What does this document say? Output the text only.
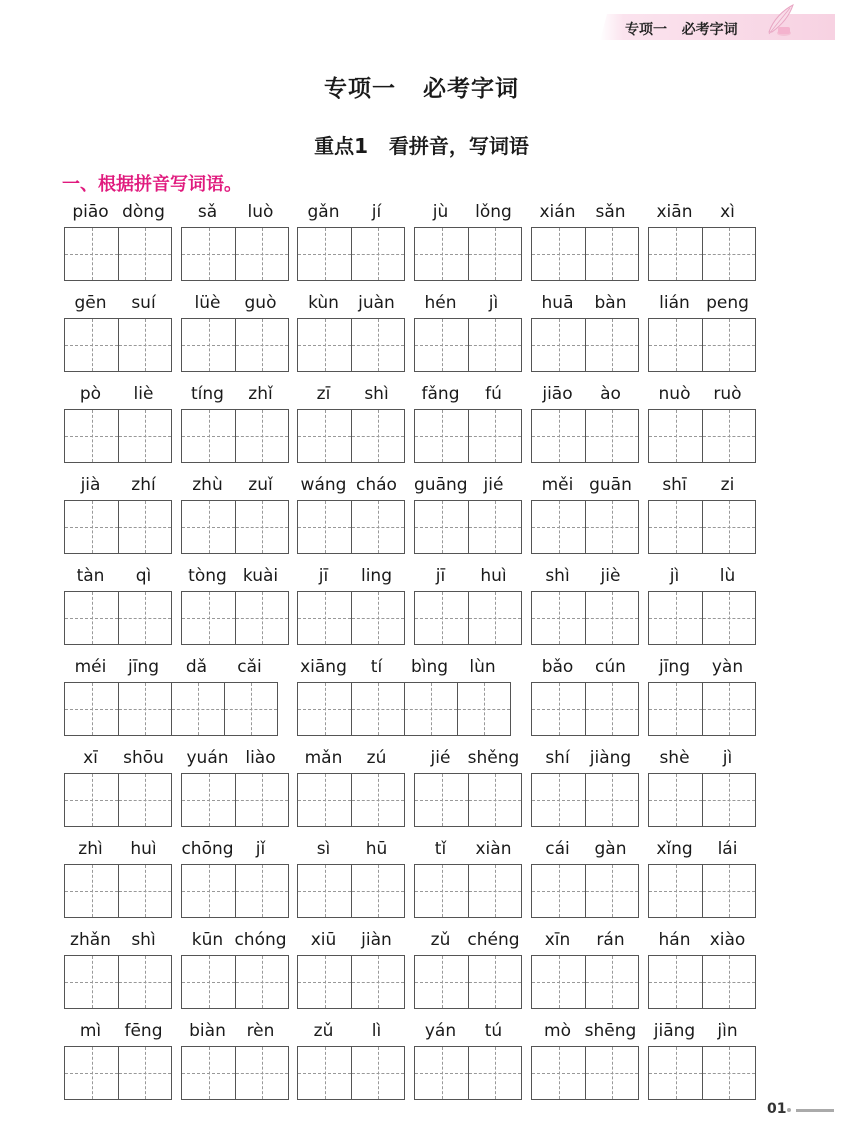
专项一   必考字词
专项一   必考字词
重点1   看拼音，写词语
一、根据拼音写词语。
piāo dòng	sǎ	luò	gǎn	jí	jù	lǒng	xián	sǎn	xiān	xì
gēn	suí	lüè	guò	kùn	juàn	hén	jì	huā	bàn	lián peng
pò	liè	tíng	zhǐ	zī	shì	fǎng	fú	jiāo	ào	nuò	ruò
jià	zhí	zhù	zuǐ	wáng cháo	guāng jié	měi guān	shī	zi
tàn	qì	tòng kuài	jī	ling	jī	huì	shì	jiè	jì	lù
méi	jīng	dǎ	cǎi	xiāng	tí	bìng	lùn	bǎo	cún	jīng	yàn
xī	shōu	yuán liào	mǎn	zú	jié	shěng	shí	jiàng	shè	jì
zhì	huì	chōng	jǐ	sì	hū	tǐ	xiàn	cái	gàn	xǐng	lái
zhǎn	shì	kūn chóng	xiū	jiàn	zǔ	chéng	xīn	rán	hán	xiào
mì	fēng	biàn	rèn	zǔ	lì	yán	tú	mò shēng	jiāng	jìn
01
